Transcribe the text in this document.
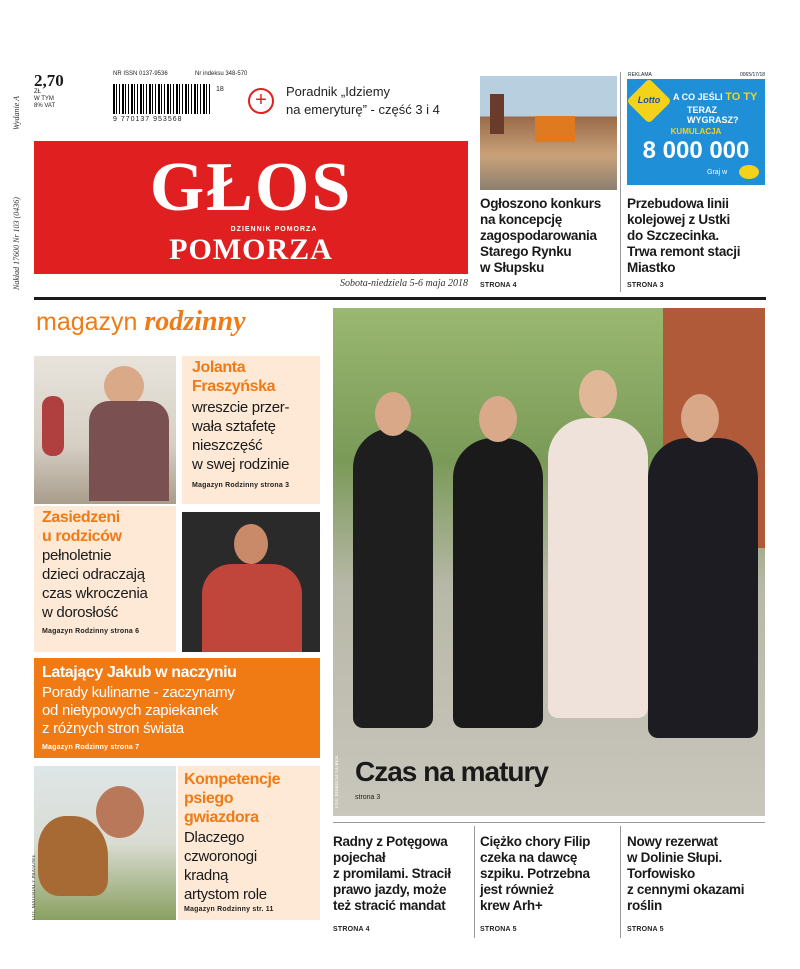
Wydanie A
Nakład 17600 Nr 103 (0436)
2,70
ZŁ
W TYM
8% VAT
NR ISSN 0137-9536	Nr indeksu 348-570
9 770137 953568
18	+	Poradnik „Idziemy
na emeryturę” - część 3 i 4
GŁOS
DZIENNIK POMORZA
POMORZA
Sobota-niedziela 5-6 maja 2018
Ogłoszono konkurs
na koncepcję
zagospodarowania
Starego Rynku
w Słupsku
STRONA 4
REKLAMA	0065/17/18
Lotto	A CO JEŚLI TO TY
TERAZ WYGRASZ?
KUMULACJA
8 000 000
Graj w
Przebudowa linii
kolejowej z Ustki
do Szczecinka.
Trwa remont stacji
Miastko
STRONA 3
magazyn rodzinny
Jolanta
Fraszyńska
wreszcie przer-
wała sztafetę
nieszczęść
w swej rodzinie
Magazyn Rodzinny strona 3
Zasiedzeni
u rodziców
pełnoletnie
dzieci odraczają
czas wkroczenia
w dorosłość
Magazyn Rodzinny strona 6
Latający Jakub w naczyniu
Porady kulinarne - zaczynamy
od nietypowych zapiekanek
z różnych stron świata
Magazyn Rodzinny strona 7
FOT. MATERIAŁY PRASOWE
Kompetencje
psiego
gwiazdora
Dlaczego
czworonogi
kradną
artystom role
Magazyn Rodzinny str. 11
Czas na matury
strona 3
FOT. MARIUSZ GUREK
Radny z Potęgowa
pojechał
z promilami. Stracił
prawo jazdy, może
też stracić mandat
STRONA 4
Ciężko chory Filip
czeka na dawcę
szpiku. Potrzebna
jest również
krew Arh+
STRONA 5
Nowy rezerwat
w Dolinie Słupi.
Torfowisko
z cennymi okazami
roślin
STRONA 5
